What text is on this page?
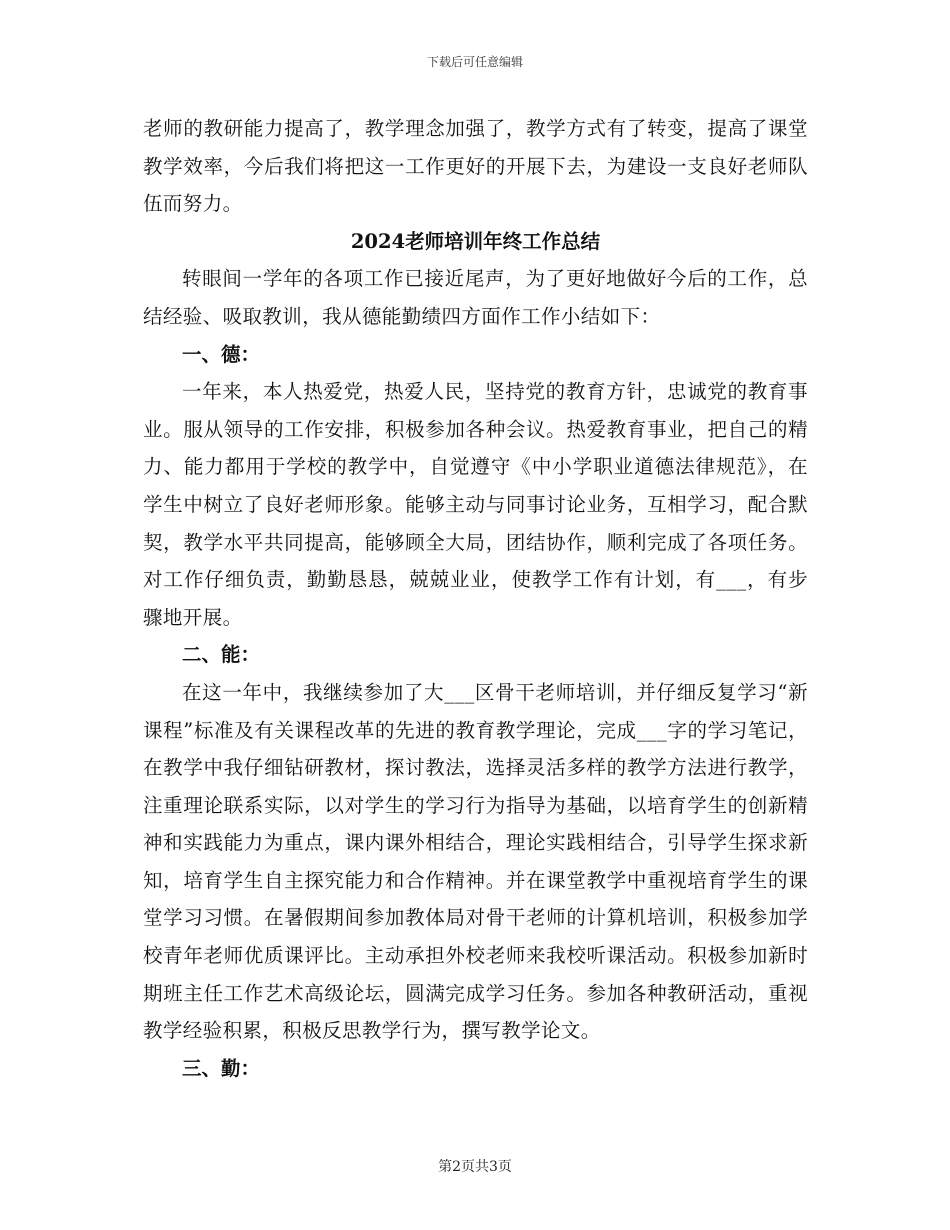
下载后可任意编辑

老师的教研能力提高了，教学理念加强了，教学方式有了转变，提高了课堂教学效率，今后我们将把这一工作更好的开展下去，为建设一支良好老师队伍而努力。

2024老师培训年终工作总结

转眼间一学年的各项工作已接近尾声，为了更好地做好今后的工作，总结经验、吸取教训，我从德能勤绩四方面作工作小结如下：

一、德：

一年来，本人热爱党，热爱人民，坚持党的教育方针，忠诚党的教育事业。服从领导的工作安排，积极参加各种会议。热爱教育事业，把自己的精力、能力都用于学校的教学中，自觉遵守《中小学职业道德法律规范》，在学生中树立了良好老师形象。能够主动与同事讨论业务，互相学习，配合默契，教学水平共同提高，能够顾全大局，团结协作，顺利完成了各项任务。对工作仔细负责，勤勤恳恳，兢兢业业，使教学工作有计划，有___，有步骤地开展。

二、能：

在这一年中，我继续参加了大___区骨干老师培训，并仔细反复学习“新课程”标准及有关课程改革的先进的教育教学理论，完成___字的学习笔记，在教学中我仔细钻研教材，探讨教法，选择灵活多样的教学方法进行教学，注重理论联系实际，以对学生的学习行为指导为基础，以培育学生的创新精神和实践能力为重点，课内课外相结合，理论实践相结合，引导学生探求新知，培育学生自主探究能力和合作精神。并在课堂教学中重视培育学生的课堂学习习惯。在暑假期间参加教体局对骨干老师的计算机培训，积极参加学校青年老师优质课评比。主动承担外校老师来我校听课活动。积极参加新时期班主任工作艺术高级论坛，圆满完成学习任务。参加各种教研活动，重视教学经验积累，积极反思教学行为，撰写教学论文。

三、勤：
第2页共3页
